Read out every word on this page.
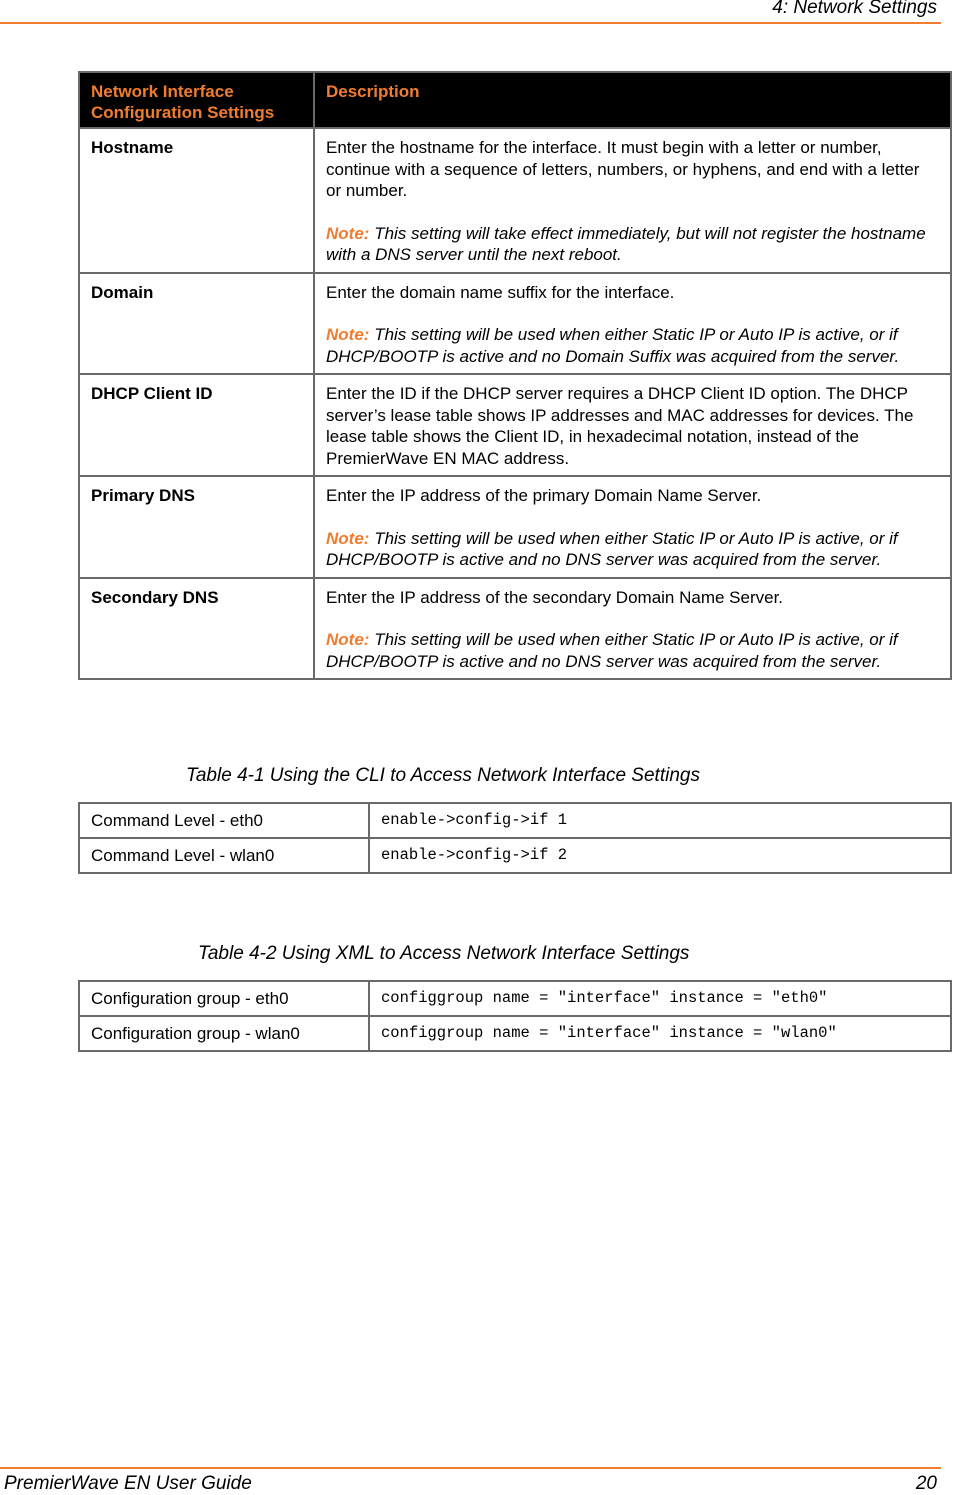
4: Network Settings
Network Interface Configuration Settings	Description
Hostname	Enter the hostname for the interface. It must begin with a letter or number, continue with a sequence of letters, numbers, or hyphens, and end with a letter or number.
Note: This setting will take effect immediately, but will not register the hostname with a DNS server until the next reboot.

Domain	Enter the domain name suffix for the interface.
Note: This setting will be used when either Static IP or Auto IP is active, or if DHCP/BOOTP is active and no Domain Suffix was acquired from the server.

DHCP Client ID	Enter the ID if the DHCP server requires a DHCP Client ID option. The DHCP server’s lease table shows IP addresses and MAC addresses for devices. The lease table shows the Client ID, in hexadecimal notation, instead of the PremierWave EN MAC address.

Primary DNS	Enter the IP address of the primary Domain Name Server.
Note: This setting will be used when either Static IP or Auto IP is active, or if DHCP/BOOTP is active and no DNS server was acquired from the server.

Secondary DNS	Enter the IP address of the secondary Domain Name Server.
Note: This setting will be used when either Static IP or Auto IP is active, or if DHCP/BOOTP is active and no DNS server was acquired from the server.
Table 4-1 Using the CLI to Access Network Interface Settings
Command Level - eth0	enable->config->if 1
Command Level - wlan0	enable->config->if 2
Table 4-2 Using XML to Access Network Interface Settings
Configuration group - eth0	configgroup name = "interface" instance = "eth0"
Configuration group - wlan0	configgroup name = "interface" instance = "wlan0"
PremierWave EN User Guide	20
